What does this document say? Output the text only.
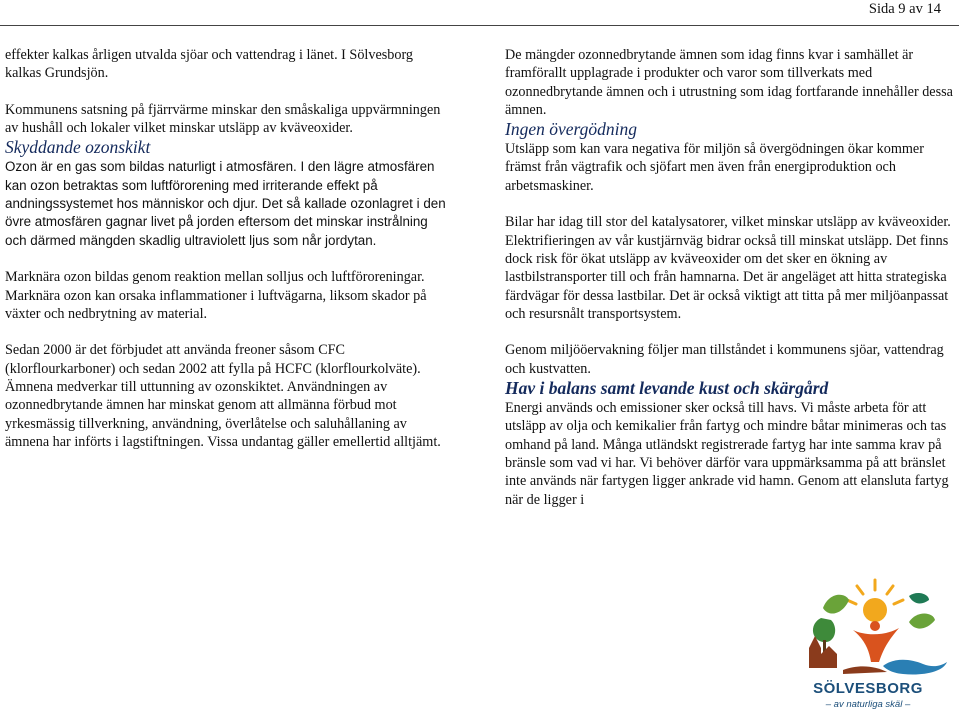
Sida 9 av 14

effekter kalkas årligen utvalda sjöar och vattendrag i länet. I Sölvesborg kalkas Grundsjön.

Kommunens satsning på fjärrvärme minskar den småskaliga uppvärmningen av hushåll och lokaler vilket minskar utsläpp av kväveoxider.

Skyddande ozonskikt

Ozon är en gas som bildas naturligt i atmosfären. I den lägre atmosfären kan ozon betraktas som luftförorening med irriterande effekt på andningssystemet hos människor och djur. Det så kallade ozonlagret i den övre atmosfären gagnar livet på jorden eftersom det minskar instrålning och därmed mängden skadlig ultraviolett ljus som når jordytan.

Marknära ozon bildas genom reaktion mellan solljus och luftföroreningar. Marknära ozon kan orsaka inflammationer i luftvägarna, liksom skador på växter och nedbrytning av material.

Sedan 2000 är det förbjudet att använda freoner såsom CFC (klorflourkarboner) och sedan 2002 att fylla på HCFC (klorflourkolväte). Ämnena medverkar till uttunning av ozonskiktet. Användningen av ozonnedbrytande ämnen har minskat genom att allmänna förbud mot yrkesmässig tillverkning, användning, överlåtelse och saluhållaning av ämnena har införts i lagstiftningen. Vissa undantag gäller emellertid alltjämt.

De mängder ozonnedbrytande ämnen som idag finns kvar i samhället är framförallt upplagrade i produkter och varor som tillverkats med ozonnedbrytande ämnen och i utrustning som idag fortfarande innehåller dessa ämnen.

Ingen övergödning

Utsläpp som kan vara negativa för miljön så övergödningen ökar kommer främst från vägtrafik och sjöfart men även från energiproduktion och arbetsmaskiner.

Bilar har idag till stor del katalysatorer, vilket minskar utsläpp av kväveoxider. Elektrifieringen av vår kustjärnväg bidrar också till minskat utsläpp. Det finns dock risk för ökat utsläpp av kväveoxider om det sker en ökning av lastbilstransporter till och från hamnarna. Det är angeläget att hitta strategiska färdvägar för dessa lastbilar. Det är också viktigt att titta på mer miljöanpassat och resursnålt transportsystem.

Genom miljööervakning följer man tillståndet i kommunens sjöar, vattendrag och kustvatten.

Hav i balans samt levande kust och skärgård

Energi används och emissioner sker också till havs. Vi måste arbeta för att utsläpp av olja och kemikalier från fartyg och mindre båtar minimeras och tas omhand på land. Många utländskt registrerade fartyg har inte samma krav på bränsle som vad vi har. Vi behöver därför vara uppmärksamma på att bränslet inte används när fartygen ligger ankrade vid hamn. Genom att elansluta fartyg när de ligger i

SÖLVESBORG
– av naturliga skäl –
